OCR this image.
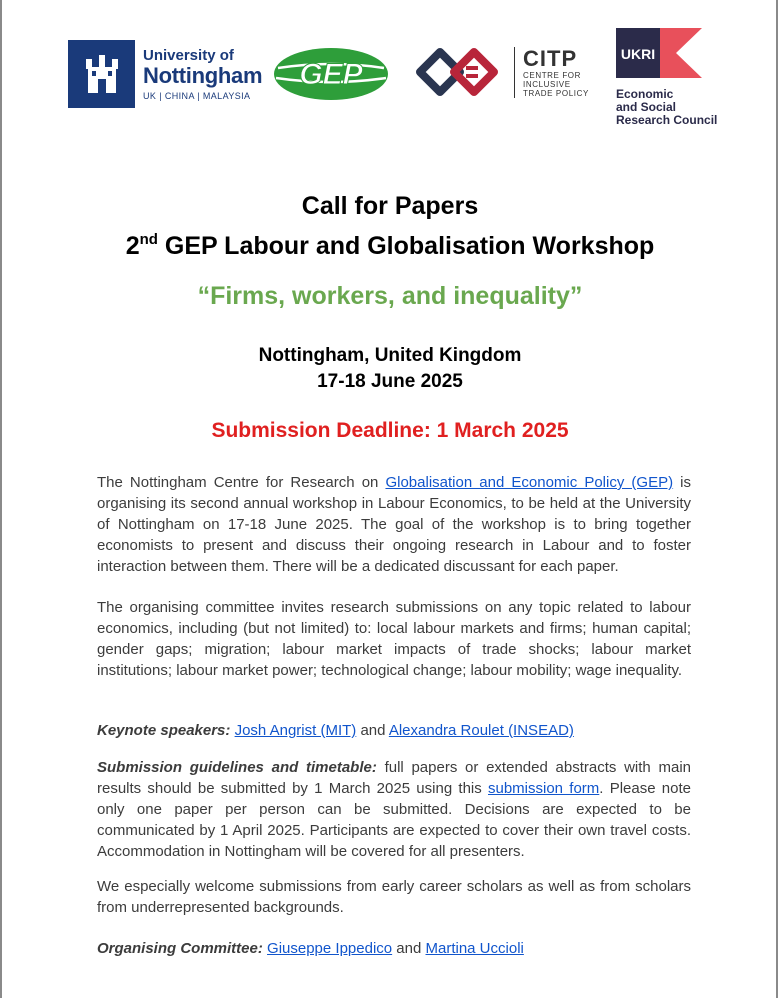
University of
Nottingham
UK | CHINA | MALAYSIA
GEP	CITP
CENTRE FOR
INCLUSIVE
TRADE POLICY
UKRI
Economic
and Social
Research Council
Call for Papers
2nd GEP Labour and Globalisation Workshop
“Firms, workers, and inequality”
Nottingham, United Kingdom
17-18 June 2025
Submission Deadline: 1 March 2025
The Nottingham Centre for Research on Globalisation and Economic Policy (GEP) is organising its second annual workshop in Labour Economics, to be held at the University of Nottingham on 17-18 June 2025. The goal of the workshop is to bring together economists to present and discuss their ongoing research in Labour and to foster interaction between them. There will be a dedicated discussant for each paper.
The organising committee invites research submissions on any topic related to labour economics, including (but not limited) to: local labour markets and firms; human capital; gender gaps; migration; labour market impacts of trade shocks; labour market institutions; labour market power; technological change; labour mobility; wage inequality.
Keynote speakers: Josh Angrist (MIT) and Alexandra Roulet (INSEAD)
Submission guidelines and timetable: full papers or extended abstracts with main results should be submitted by 1 March 2025 using this submission form. Please note only one paper per person can be submitted. Decisions are expected to be communicated by 1 April 2025. Participants are expected to cover their own travel costs. Accommodation in Nottingham will be covered for all presenters.
We especially welcome submissions from early career scholars as well as from scholars from underrepresented backgrounds.
Organising Committee: Giuseppe Ippedico and Martina Uccioli
